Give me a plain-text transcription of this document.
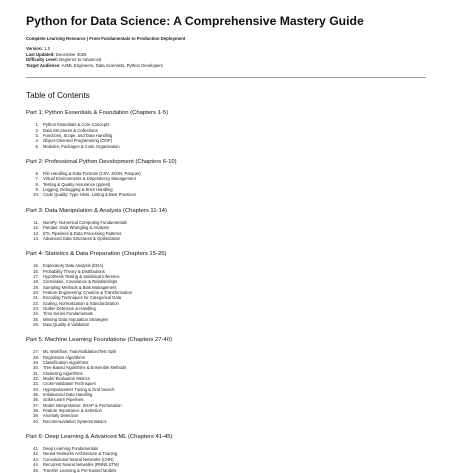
Python for Data Science: A Comprehensive Mastery Guide
Complete Learning Resource | From Fundamentals to Production Deployment
Version: 1.0
Last Updated: December 2025
Difficulty Level: Beginner to Advanced
Target Audience: AI/ML Engineers, Data Scientists, Python Developers
Table of Contents
Part 1: Python Essentials & Foundation (Chapters 1-5)
1. Python Essentials & Core Concepts
2. Data Structures & Collections
3. Functions, Scope, and Data Handling
4. Object-Oriented Programming (OOP)
5. Modules, Packages & Code Organization
Part 2: Professional Python Development (Chapters 6-10)
6. File Handling & Data Formats (CSV, JSON, Parquet)
7. Virtual Environments & Dependency Management
8. Testing & Quality Assurance (pytest)
9. Logging, Debugging & Error Handling
10. Code Quality: Type Hints, Linting & Best Practices
Part 3: Data Manipulation & Analysis (Chapters 11-14)
11. NumPy: Numerical Computing Fundamentals
12. Pandas: Data Wrangling & Analysis
13. ETL Pipelines & Data Processing Patterns
14. Advanced Data Structures & Optimization
Part 4: Statistics & Data Preparation (Chapters 15-26)
15. Exploratory Data Analysis (EDA)
16. Probability Theory & Distributions
17. Hypothesis Testing & Statistical Inference
18. Correlation, Covariance & Relationships
19. Sampling Methods & Bias Management
20. Feature Engineering: Creation & Transformation
21. Encoding Techniques for Categorical Data
22. Scaling, Normalization & Standardization
23. Outlier Detection & Handling
24. Time Series Fundamentals
25. Missing Data Imputation Strategies
26. Data Quality & Validation
Part 5: Machine Learning Foundations (Chapters 27-40)
27. ML Workflow: Train/Validation/Test Split
28. Regression Algorithms
29. Classification Algorithms
30. Tree-Based Algorithms & Ensemble Methods
31. Clustering Algorithms
32. Model Evaluation Metrics
33. Cross-Validation Techniques
34. Hyperparameter Tuning & Grid Search
35. Imbalanced Data Handling
36. Scikit-Learn Pipelines
37. Model Interpretation: SHAP & Permutation
38. Feature Importance & Selection
39. Anomaly Detection
40. Recommendation Systems Basics
Part 6: Deep Learning & Advanced ML (Chapters 41-45)
41. Deep Learning Fundamentals
42. Neural Networks Architecture & Training
43. Convolutional Neural Networks (CNN)
44. Recurrent Neural Networks (RNN/LSTM)
45. Transfer Learning & Pre-trained Models
